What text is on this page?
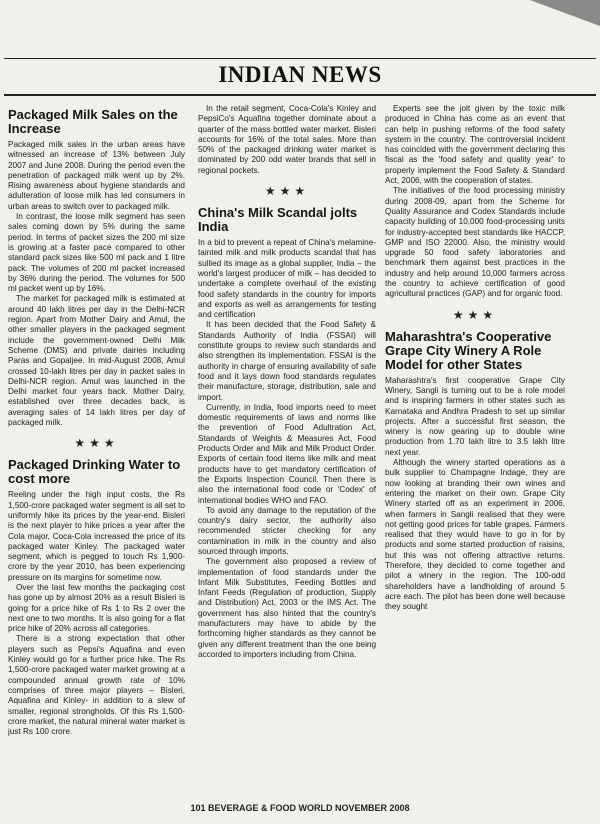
INDIAN NEWS
Packaged Milk Sales on the Increase

Packaged milk sales in the urban areas have witnessed an increase of 13% between July 2007 and June 2008. During the period even the penetration of packaged milk went up by 2%. Rising awareness about hygiene standards and adulteration of loose milk has led consumers in urban areas to switch over to packaged milk.

In contrast, the loose milk segment has seen sales coming down by 5% during the same period. In terms of packet sizes the 200 ml size is growing at a faster pace compared to other standard pack sizes like 500 ml pack and 1 litre pack. The volumes of 200 ml packet increased by 36% during the period. The volumes for 500 ml packet went up by 16%.

The market for packaged milk is estimated at around 40 lakh litres per day in the Delhi-NCR region. Apart from Mother Dairy and Amul, the other smaller players in the packaged segment include the government-owned Delhi Milk Scheme (DMS) and private dairies including Paras and Gopaljee. In mid-August 2008, Amul crossed 10-lakh litres per day in packet sales in Delhi-NCR region. Amul was launched in the Delhi market four years back. Mother Dairy, established over three decades back, is averaging sales of 14 lakh litres per day of packaged milk.

★★★
Packaged Drinking Water to cost more

Reeling under the high input costs, the Rs 1,500-crore packaged water segment is all set to uniformly hike its prices by the year-end. Bisleri is the next player to hike prices a year after the Cola major, Coca-Cola increased the price of its packaged water Kinley. The packaged water segment, which is pegged to touch Rs 1,900-crore by the year 2010, has been experiencing pressure on its margins for sometime now.

Over the last few months the packaging cost has gone up by almost 20% as a result Bisleri is going for a price hike of Rs 1 to Rs 2 over the next one to two months. It is also going for a flat price hike of 20% across all categories.

There is a strong expectation that other players such as Pepsi's Aquafina and even Kinley would go for a further price hike. The Rs 1,500-crore packaged water market growing at a compounded annual growth rate of 10% comprises of three major players – Bisleri, Aquafina and Kinley- in addition to a slew of smaller, regional strongholds. Of this Rs 1,500-crore market, the natural mineral water market is just Rs 100 crore.

In the retail segment, Coca-Cola's Kinley and PepsiCo's Aquafina together dominate about a quarter of the mass bottled water market. Bisleri accounts for 16% of the total sales. More than 50% of the packaged drinking water market is dominated by 200 odd water brands that sell in regional pockets.

★★★
China's Milk Scandal jolts India

In a bid to prevent a repeat of China's melamine-tainted milk and milk products scandal that has sullied its image as a global supplier, India – the world's largest producer of milk – has decided to undertake a complete overhaul of the existing food safety standards in the country for imports and exports as well as arrangements for testing and certification

It has been decided that the Food Safety & Standards Authority of India (FSSAI) will constitute groups to review such standards and also strengthen its implementation. FSSAI is the authority in charge of ensuring availability of safe food and it lays down food standards regulates their manufacture, storage, distribution, sale and import.

Currently, in India, food imports need to meet domestic requirements of laws and norms like the prevention of Food Adultration Act, Standards of Weights & Measures Act, Food Products Order and Milk and Milk Product Order. Exports of certain food items like milk and meat products have to get mandatory certification of the Exports Inspection Council. Then there is also the international food code or 'Codex' of international bodies WHO and FAO.

To avoid any damage to the reputation of the country's dairy sector, the authority also recommended stricter checking for any contamination in milk in the country and also sourced through imports.

The government also proposed a review of implementation of food standards under the Infant Milk Substitutes, Feeding Bottles and Infant Feeds (Regulation of production, Supply and Distribution) Act, 2003 or the IMS Act. The government has also hinted that the country's manufacturers may have to abide by the forthcoming higher standards as they cannot be given any different treatment than the one being accorded to importers including from China.

Experts see the jolt given by the toxic milk produced in China has come as an event that can help in pushing reforms of the food safety system in the country. The controversial incident has coincided with the government declaring this fiscal as the 'food safety and quality year' to properly implement the Food Safety & Standard Act, 2006, with the cooperation of states.

The initiatives of the food processing ministry during 2008-09, apart from the Scheme for Quality Assurance and Codex Standards include capacity building of 10,000 food-processing units for industry-accepted best standards like HACCP, GMP and ISO 22000. Also, the ministry would upgrade 50 food safety laboratories and benchmark them against best practices in the industry and help around 10,000 farmers across the country to achieve certification of good agricultural practices (GAP) and for organic food.

★★★
Maharashtra's Cooperative Grape City Winery A Role Model for other States

Maharashtra's first cooperative Grape City Winery, Sangli is turning out to be a role model and is inspiring farmers in other states such as Karnataka and Andhra Pradesh to set up similar projects. After a successful first season, the winery is now gearing up to double wine production from 1.70 lakh litre to 3.5 lakh litre next year.

Although the winery started operations as a bulk supplier to Champagne Indage, they are now looking at branding their own wines and entering the market on their own. Grape City Winery started off as an experiment in 2006, when farmers in Sangli realised that they were not getting good prices for table grapes. Farmers realised that they would have to go in for by products and some started production of raisins, but this was not offering attractive returns. Therefore, they decided to come together and pilot a winery in the region. The 100-odd shareholders have a landholding of around 5 acre each. The pilot has been done well because they sought

101 BEVERAGE & FOOD WORLD NOVEMBER 2008
